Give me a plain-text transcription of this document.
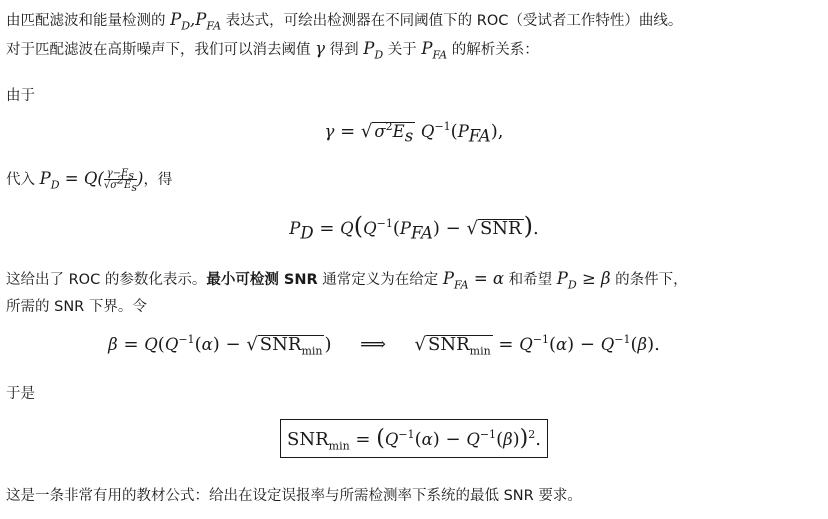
由匹配滤波和能量检测的 $P_D,P_{FA}$ 表达式，可绘出检测器在不同阈值下的 ROC（受试者工作特性）曲线。
对于匹配滤波在高斯噪声下，我们可以消去阈值 γ 得到 $P_D$ 关于 $P_{FA}$ 的解析关系：
由于
γ = √ $\sigma^2E_s$ $Q^{-1}(P_{FA})$,
代入 $P_D = Q( \frac{\gamma-E_s}{√\sigma^2E_s}$ )，得
$P_D = Q(Q^{-1}(P_{FA})$ − √ SNR).
这给出了 ROC 的参数化表示。最小可检测 SNR 通常定义为在给定 $P_{FA} = \alpha$ 和希望 $P_D \ge \beta$ 的条件下，
所需的 SNR 下界。令
$\beta = Q(Q^{-1}(\alpha)$ − √ $SNR_{min}$ )     ⟹     √ $SNR_{min} = Q^{-1}(\alpha) - Q^{-1}(\beta)$.
于是
$SNR_{min} = (Q^{-1}(\alpha) - Q^{-1}(\beta))^2$.
这是一条非常有用的教材公式：给出在设定误报率与所需检测率下系统的最低 SNR 要求。
